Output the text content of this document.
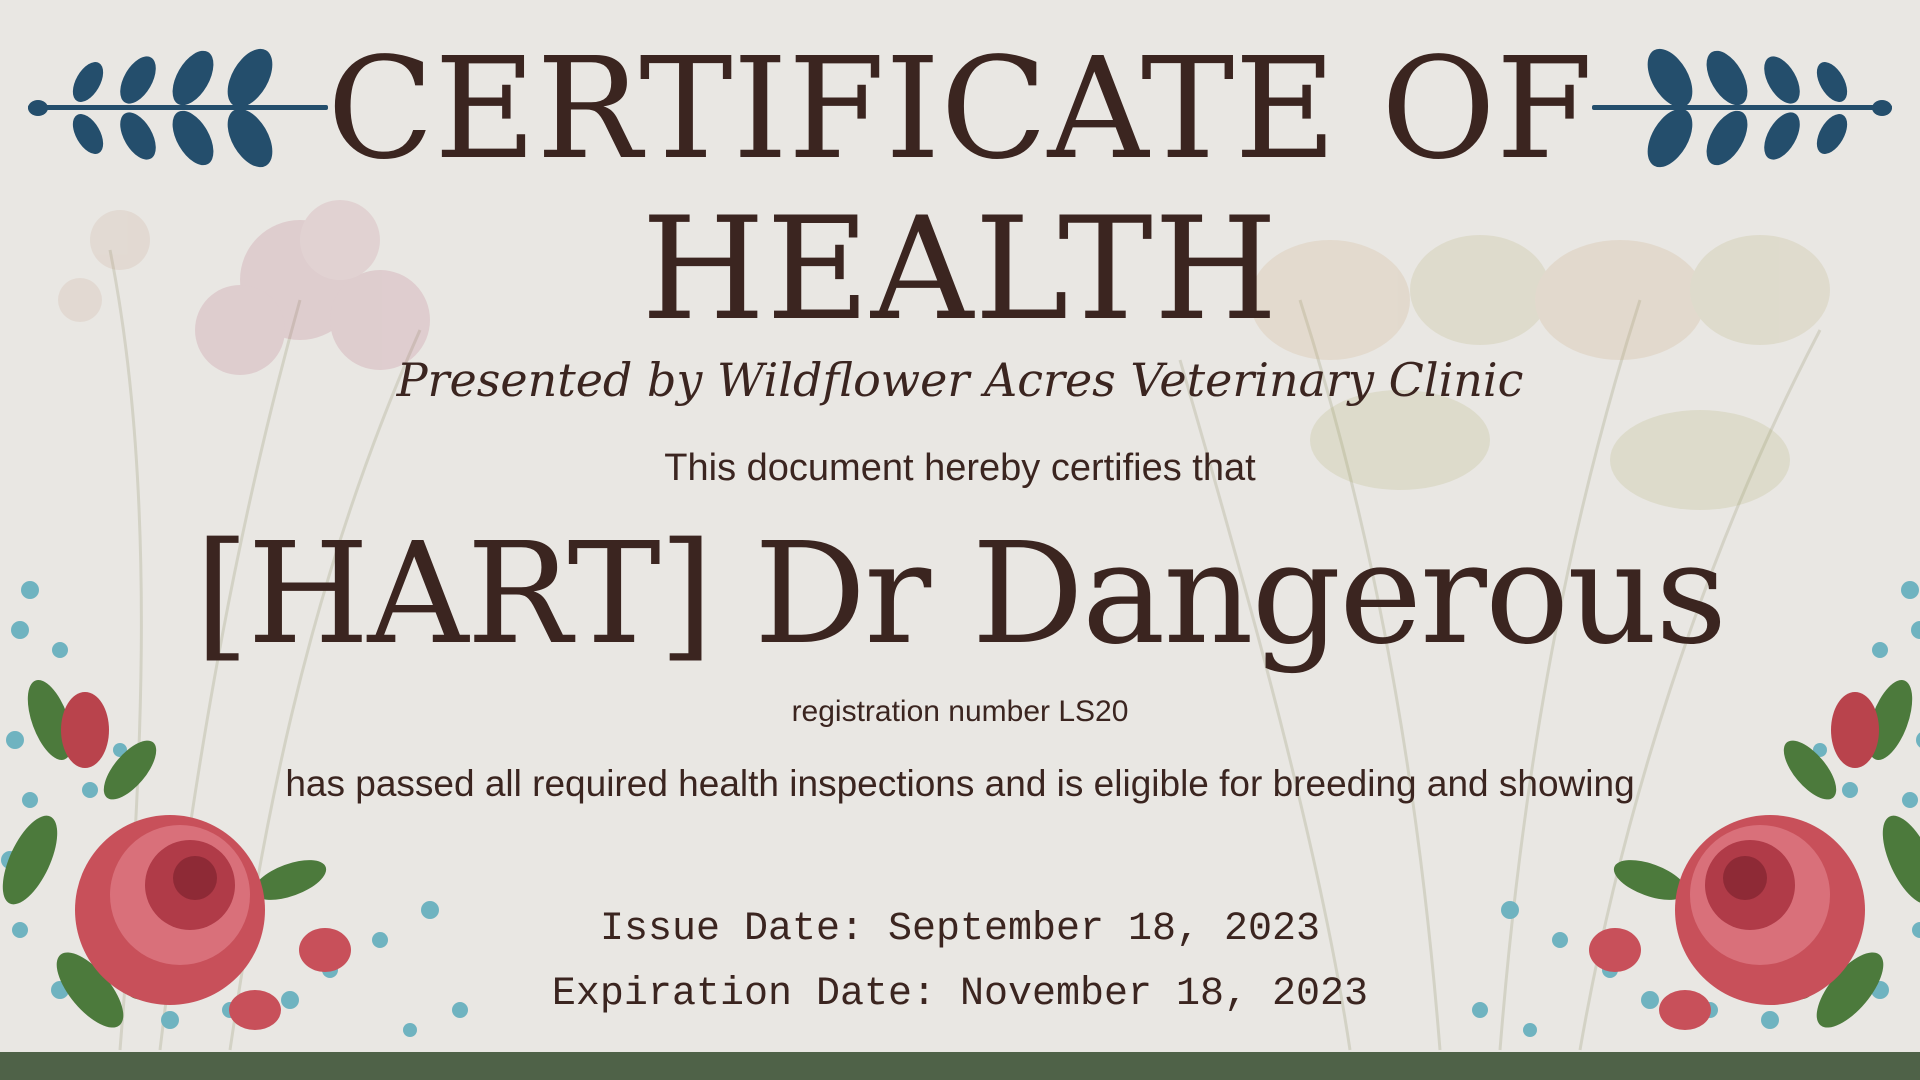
CERTIFICATE OF
HEALTH

Presented by Wildflower Acres Veterinary Clinic

This document hereby certifies that
[HART] Dr Dangerous
registration number LS20
has passed all required health inspections and is eligible for breeding and showing
Issue Date: September 18, 2023
Expiration Date: November 18, 2023
